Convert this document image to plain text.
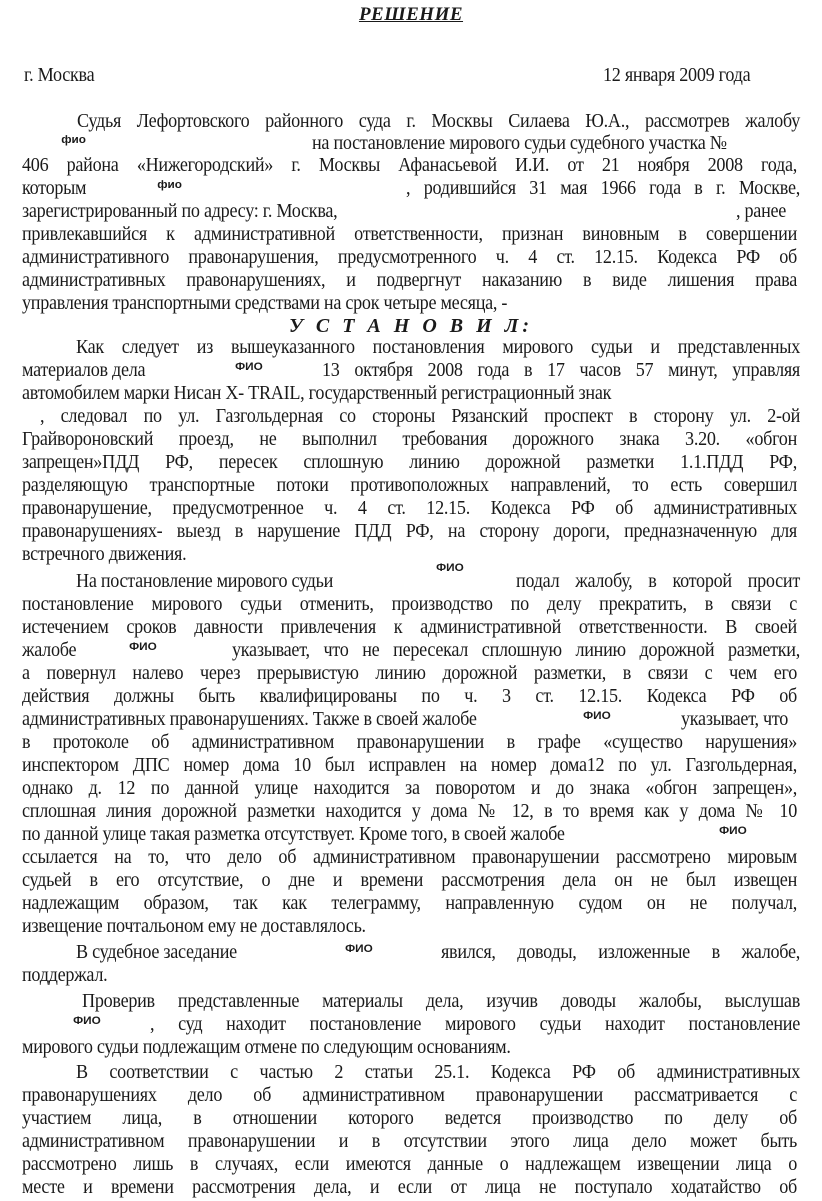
РЕШЕНИЕ
г. Москва	12 января 2009 года
Судья Лефортовского районного суда г. Москвы Силаева Ю.А., рассмотрев жалобу
фио	на постановление мирового судьи судебного участка №
406 района «Нижегородский» г. Москвы Афанасьевой И.И. от 21 ноября 2008 года,
которым	фио	, родившийся 31 мая 1966 года в г. Москве,
зарегистрированный по адресу: г. Москва,	, ранее
привлекавшийся к административной ответственности, признан виновным в совершении
административного правонарушения, предусмотренного ч. 4 ст. 12.15. Кодекса РФ об
административных правонарушениях, и подвергнут наказанию в виде лишения права
управления транспортными средствами на срок четыре месяца, -
У С Т А Н О В И Л:
Как следует из вышеуказанного постановления мирового судьи и представленных
материалов дела	ФИО	13 октября 2008 года в 17 часов 57 минут, управляя
автомобилем марки Нисан Х- TRAIL, государственный регистрационный знак
, следовал по ул. Газгольдерная со стороны Рязанский проспект в сторону ул. 2-ой
Грайвороновский проезд, не выполнил требования дорожного знака 3.20. «обгон
запрещен»ПДД РФ, пересек сплошную линию дорожной разметки 1.1.ПДД РФ,
разделяющую транспортные потоки противоположных направлений, то есть совершил
правонарушение, предусмотренное ч. 4 ст. 12.15. Кодекса РФ об административных
правонарушениях- выезд в нарушение ПДД РФ, на сторону дороги, предназначенную для
встречного движения.
ФИО
На постановление мирового судьи	подал жалобу, в которой просит
постановление мирового судьи отменить, производство по делу прекратить, в связи с
истечением сроков давности привлечения к административной ответственности. В своей
жалобе	ФИО	указывает, что не пересекал сплошную линию дорожной разметки,
а повернул налево через прерывистую линию дорожной разметки, в связи с чем его
действия должны быть квалифицированы по ч. 3 ст. 12.15. Кодекса РФ об
административных правонарушениях. Также в своей жалобе	ФИО	указывает, что
в протоколе об административном правонарушении в графе «существо нарушения»
инспектором ДПС номер дома 10 был исправлен на номер дома12 по ул. Газгольдерная,
однако д. 12 по данной улице находится за поворотом и до знака «обгон запрещен»,
сплошная линия дорожной разметки находится у дома № 12, в то время как у дома № 10
по данной улице такая разметка отсутствует. Кроме того, в своей жалобе	ФИО
ссылается на то, что дело об административном правонарушении рассмотрено мировым
судьей в его отсутствие, о дне и времени рассмотрения дела он не был извещен
надлежащим образом, так как телеграмму, направленную судом он не получал,
извещение почтальоном ему не доставлялось.
В судебное заседание	ФИО	явился, доводы, изложенные в жалобе,
поддержал.
Проверив представленные материалы дела, изучив доводы жалобы, выслушав
ФИО	, суд находит постановление мирового судьи находит постановление
мирового судьи подлежащим отмене по следующим основаниям.
В соответствии с частью 2 статьи 25.1. Кодекса РФ об административных
правонарушениях дело об административном правонарушении рассматривается с
участием лица, в отношении которого ведется производство по делу об
административном правонарушении и в отсутствии этого лица дело может быть
рассмотрено лишь в случаях, если имеются данные о надлежащем извещении лица о
месте и времени рассмотрения дела, и если от лица не поступало ходатайство об
